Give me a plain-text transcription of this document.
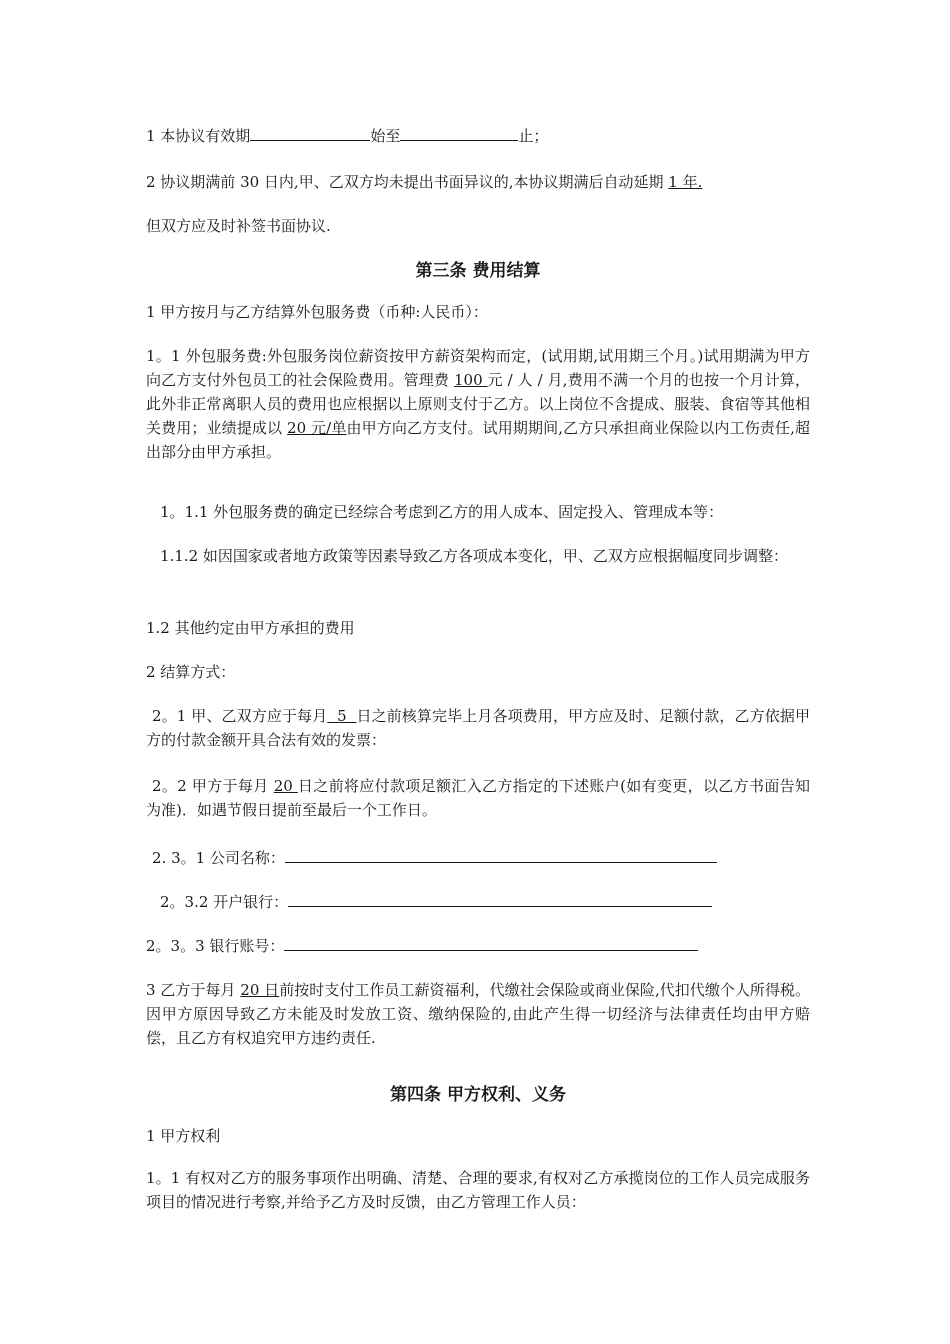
1 本协议有效期	始至	止；
2 协议期满前 30 日内,甲、乙双方均未提出书面异议的,本协议期满后自动延期 1 年.
但双方应及时补签书面协议.
第三条 费用结算
1 甲方按月与乙方结算外包服务费（币种:人民币）：
1。1 外包服务费:外包服务岗位薪资按甲方薪资架构而定，(试用期,试用期三个月。)试用期满为甲方向乙方支付外包员工的社会保险费用。管理费 100 元 / 人 / 月,费用不满一个月的也按一个月计算，此外非正常离职人员的费用也应根据以上原则支付于乙方。以上岗位不含提成、服装、食宿等其他相关费用；业绩提成以 20 元/单由甲方向乙方支付。试用期期间,乙方只承担商业保险以内工伤责任,超出部分由甲方承担。
1。1.1 外包服务费的确定已经综合考虑到乙方的用人成本、固定投入、管理成本等：
1.1.2 如因国家或者地方政策等因素导致乙方各项成本变化，甲、乙双方应根据幅度同步调整：
1.2 其他约定由甲方承担的费用
2 结算方式：
2。1 甲、乙双方应于每月  5  日之前核算完毕上月各项费用，甲方应及时、足额付款，乙方依据甲方的付款金额开具合法有效的发票：
2。2 甲方于每月 20 日之前将应付款项足额汇入乙方指定的下述账户(如有变更，以乙方书面告知为准)．如遇节假日提前至最后一个工作日。
2. 3。1 公司名称：
2。3.2 开户银行：
2。3。3 银行账号：
3 乙方于每月 20 日前按时支付工作员工薪资福利，代缴社会保险或商业保险,代扣代缴个人所得税。因甲方原因导致乙方未能及时发放工资、缴纳保险的,由此产生得一切经济与法律责任均由甲方赔偿，且乙方有权追究甲方违约责任.
第四条 甲方权利、义务
1 甲方权利
1。1 有权对乙方的服务事项作出明确、清楚、合理的要求,有权对乙方承揽岗位的工作人员完成服务项目的情况进行考察,并给予乙方及时反馈，由乙方管理工作人员：
